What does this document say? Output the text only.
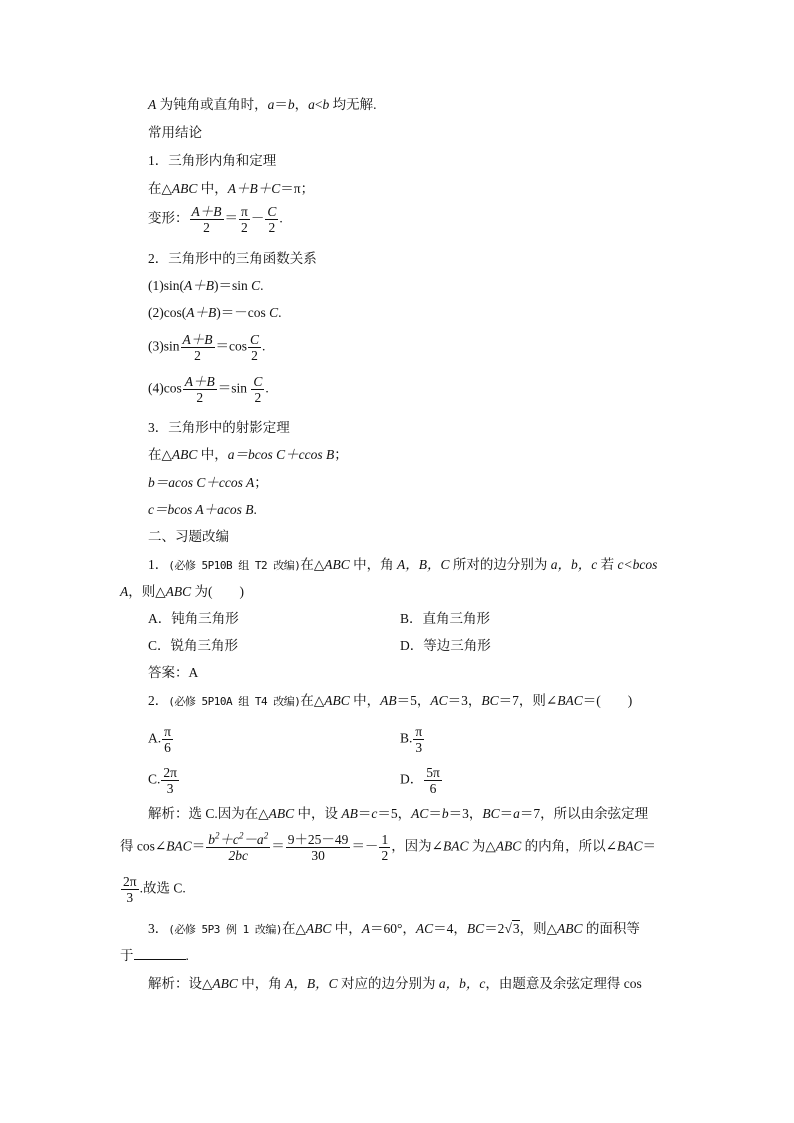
A 为钝角或直角时，a＝b，a<b 均无解.
常用结论
1．三角形内角和定理
在△ABC 中，A＋B＋C＝π；
变形： $\frac{A+B}{2} = \frac{\pi}{2} - \frac{C}{2}$ .
2．三角形中的三角函数关系
(1)sin(A＋B)＝sin C.
(2)cos(A＋B)＝－cos C.
$(3)\sin \frac{A+B}{2} =\cos \frac{C}{2}$ .
$(4)\cos \frac{A+B}{2} =\sin \frac{C}{2}$ .
3．三角形中的射影定理
在△ABC 中，a＝bcos C＋ccos B；
b＝acos C＋ccos A；
c＝bcos A＋acos B.
二、习题改编
1．(必修 5P10B 组 T2 改编)在△ABC 中，角 A，B，C 所对的边分别为 a，b，c 若 c<bcos
A，则△ABC 为(　　)
A．钝角三角形	B．直角三角形
C．锐角三角形	D．等边三角形
答案：A
2．(必修 5P10A 组 T4 改编)在△ABC 中，AB＝5，AC＝3，BC＝7，则∠BAC＝(　　)
A. $\frac{\pi}{6}$	B. $\frac{\pi}{3}$
C. $\frac{2\pi}{3}$	D． $\frac{5\pi}{6}$
解析：选 C.因为在△ABC 中，设 AB＝c＝5，AC＝b＝3，BC＝a＝7，所以由余弦定理
得 cos∠BAC＝ $\frac{b^2+c^2-a^2}{2bc} = \frac{9+25-49}{30} =- \frac{1}{2}$ ，因为∠BAC 为△ABC 的内角，所以∠BAC＝
$\frac{2\pi}{3}$ .故选 C.
3．(必修 5P3 例 1 改编)在△ABC 中，A＝60°，AC＝4，BC＝2√3，则△ABC 的面积等
于	.
解析：设△ABC 中，角 A，B，C 对应的边分别为 a，b，c，由题意及余弦定理得 cos
